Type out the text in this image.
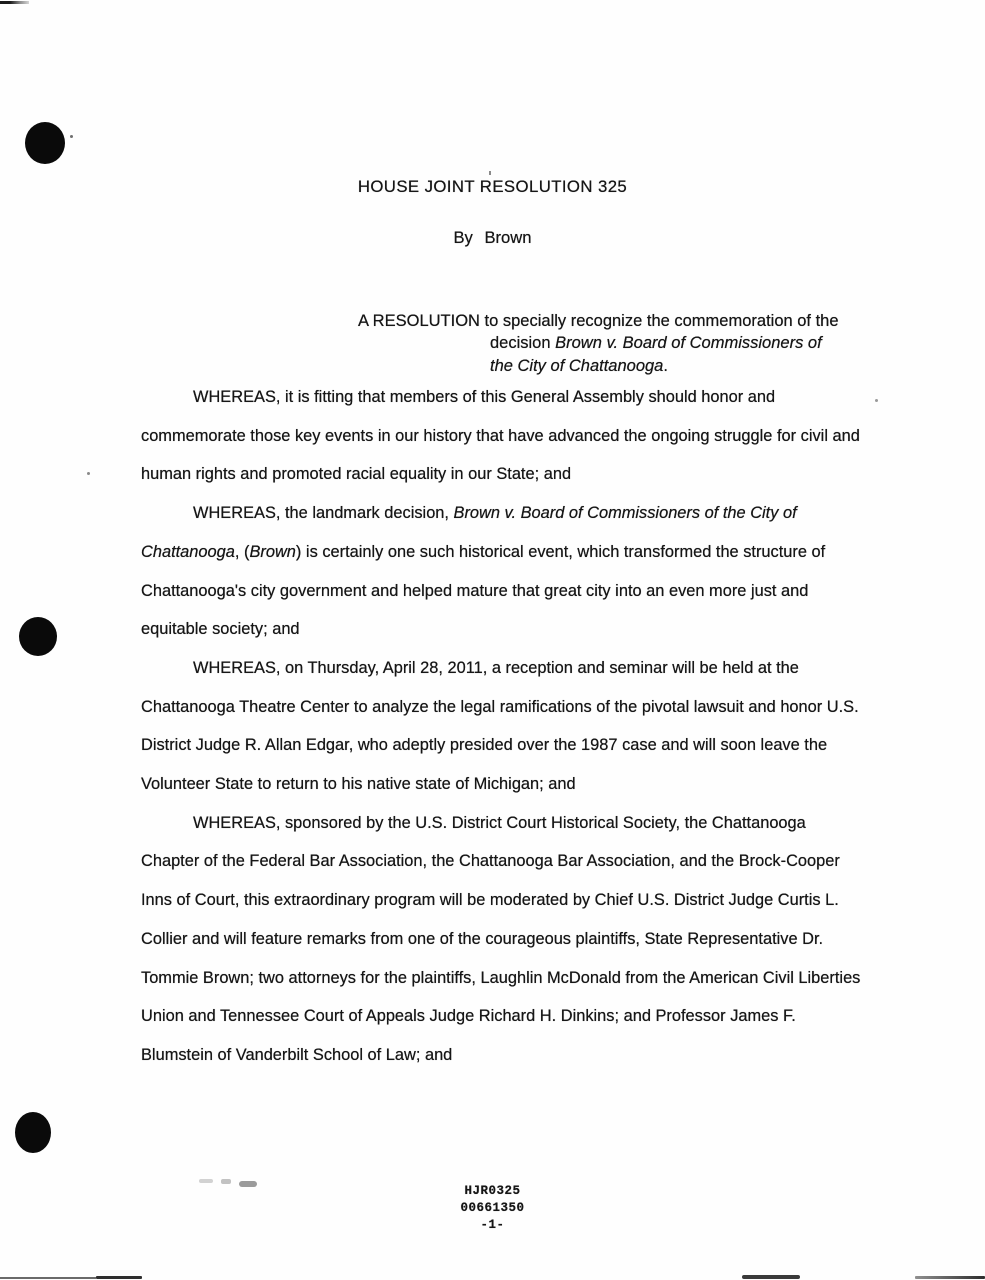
HOUSE JOINT RESOLUTION 325
By Brown
A RESOLUTION to specially recognize the commemoration of the
decision Brown v. Board of Commissioners of
the City of Chattanooga.

WHEREAS, it is fitting that members of this General Assembly should honor and commemorate those key events in our history that have advanced the ongoing struggle for civil and human rights and promoted racial equality in our State; and

WHEREAS, the landmark decision, Brown v. Board of Commissioners of the City of Chattanooga, (Brown) is certainly one such historical event, which transformed the structure of Chattanooga's city government and helped mature that great city into an even more just and equitable society; and

WHEREAS, on Thursday, April 28, 2011, a reception and seminar will be held at the Chattanooga Theatre Center to analyze the legal ramifications of the pivotal lawsuit and honor U.S. District Judge R. Allan Edgar, who adeptly presided over the 1987 case and will soon leave the Volunteer State to return to his native state of Michigan; and

WHEREAS, sponsored by the U.S. District Court Historical Society, the Chattanooga Chapter of the Federal Bar Association, the Chattanooga Bar Association, and the Brock-Cooper Inns of Court, this extraordinary program will be moderated by Chief U.S. District Judge Curtis L. Collier and will feature remarks from one of the courageous plaintiffs, State Representative Dr. Tommie Brown; two attorneys for the plaintiffs, Laughlin McDonald from the American Civil Liberties Union and Tennessee Court of Appeals Judge Richard H. Dinkins; and Professor James F. Blumstein of Vanderbilt School of Law; and

HJR0325
00661350
-1-
